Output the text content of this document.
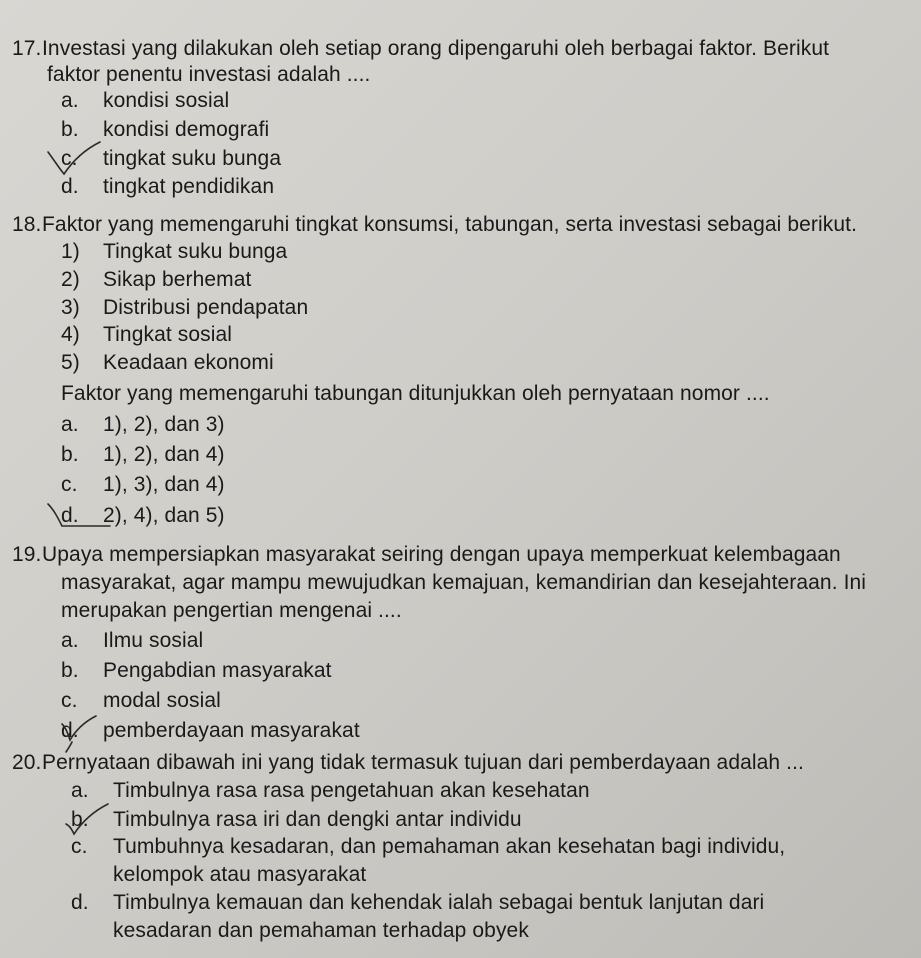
17.Investasi yang dilakukan oleh setiap orang dipengaruhi oleh berbagai faktor. Berikut
faktor penentu investasi adalah ....
a. kondisi sosial
b. kondisi demografi
c. tingkat suku bunga
d. tingkat pendidikan
18.Faktor yang memengaruhi tingkat konsumsi, tabungan, serta investasi sebagai berikut.
1) Tingkat suku bunga
2) Sikap berhemat
3) Distribusi pendapatan
4) Tingkat sosial
5) Keadaan ekonomi
Faktor yang memengaruhi tabungan ditunjukkan oleh pernyataan nomor ....
a. 1), 2), dan 3)
b. 1), 2), dan 4)
c. 1), 3), dan 4)
d. 2), 4), dan 5)
19.Upaya mempersiapkan masyarakat seiring dengan upaya memperkuat kelembagaan
masyarakat, agar mampu mewujudkan kemajuan, kemandirian dan kesejahteraan. Ini
merupakan pengertian mengenai ....
a. Ilmu sosial
b. Pengabdian masyarakat
c. modal sosial
d. pemberdayaan masyarakat
20.Pernyataan dibawah ini yang tidak termasuk tujuan dari pemberdayaan adalah ...
a. Timbulnya rasa rasa pengetahuan akan kesehatan
b. Timbulnya rasa iri dan dengki antar individu
c. Tumbuhnya kesadaran, dan pemahaman akan kesehatan bagi individu,
kelompok atau masyarakat
d. Timbulnya kemauan dan kehendak ialah sebagai bentuk lanjutan dari
kesadaran dan pemahaman terhadap obyek
